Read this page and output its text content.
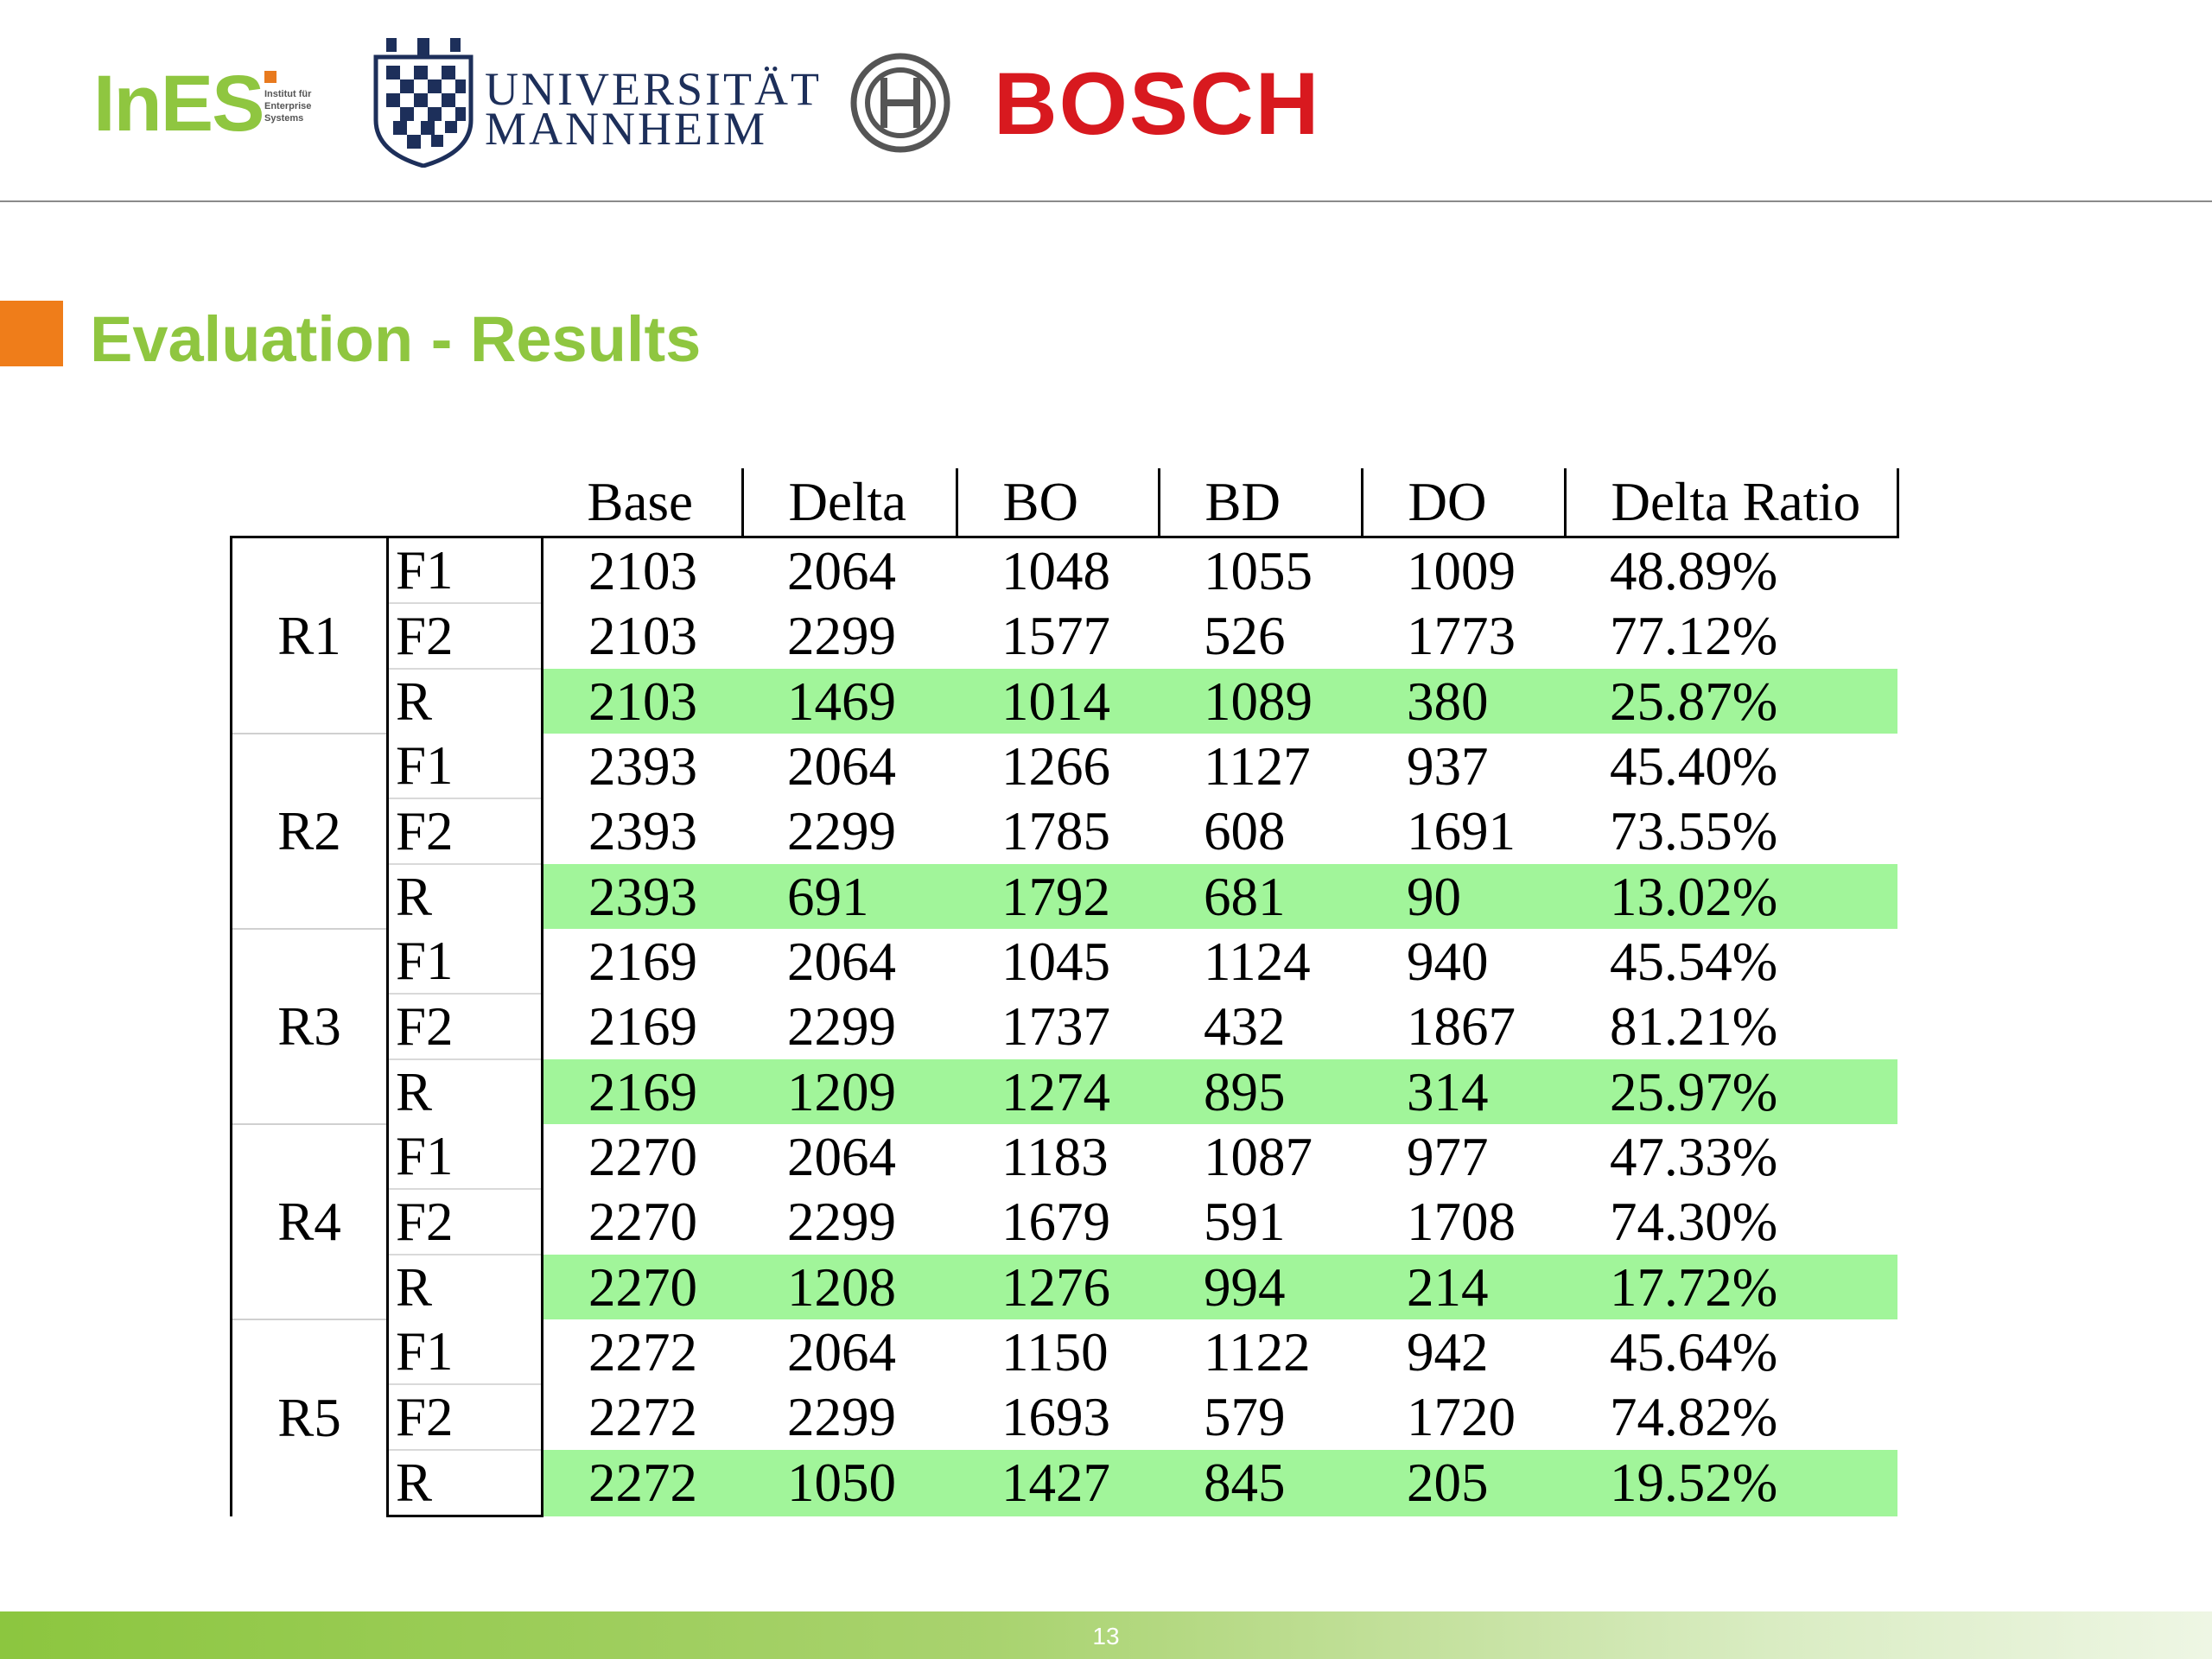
InES Institut für
Enterprise
Systems
UNIVERSITÄT
MANNHEIM	BOSCH
Evaluation - Results
		Base	Delta	BO	BD	DO	Delta Ratio
R1	F1	2103	2064	1048	1055	1009	48.89%
	F2	2103	2299	1577	526	1773	77.12%
	R	2103	1469	1014	1089	380	25.87%
R2	F1	2393	2064	1266	1127	937	45.40%
	F2	2393	2299	1785	608	1691	73.55%
	R	2393	691	1792	681	90	13.02%
R3	F1	2169	2064	1045	1124	940	45.54%
	F2	2169	2299	1737	432	1867	81.21%
	R	2169	1209	1274	895	314	25.97%
R4	F1	2270	2064	1183	1087	977	47.33%
	F2	2270	2299	1679	591	1708	74.30%
	R	2270	1208	1276	994	214	17.72%
R5	F1	2272	2064	1150	1122	942	45.64%
	F2	2272	2299	1693	579	1720	74.82%
	R	2272	1050	1427	845	205	19.52%
13
